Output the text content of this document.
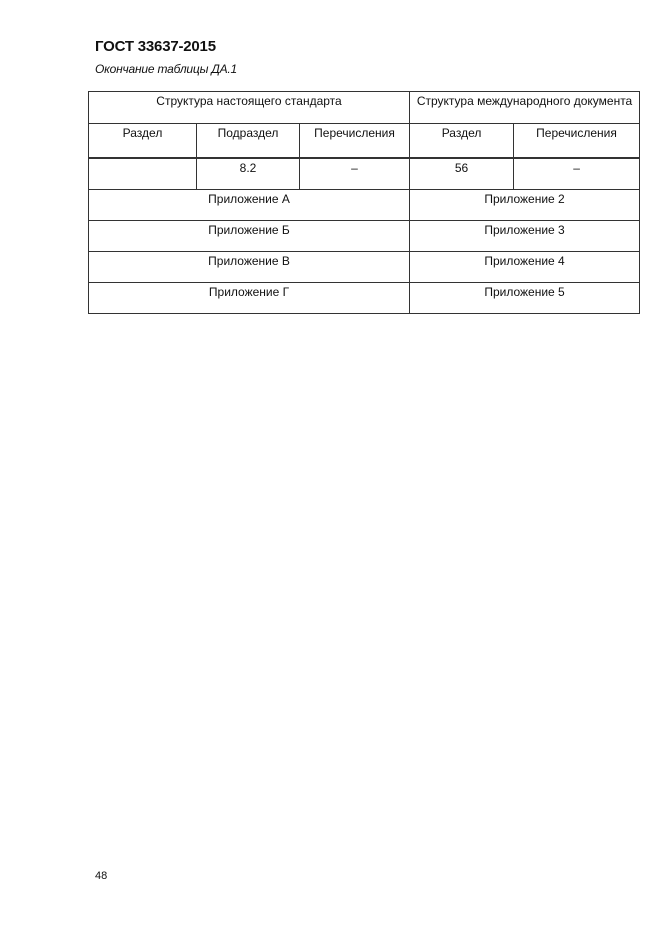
ГОСТ 33637-2015
Окончание таблицы ДА.1
Структура настоящего стандарта			Структура международного документа	
Раздел	Подраздел	Перечисления	Раздел	Перечисления
	8.2	–	56	–
Приложение А			Приложение 2	
Приложение Б			Приложение 3	
Приложение В			Приложение 4	
Приложение Г			Приложение 5	
48
